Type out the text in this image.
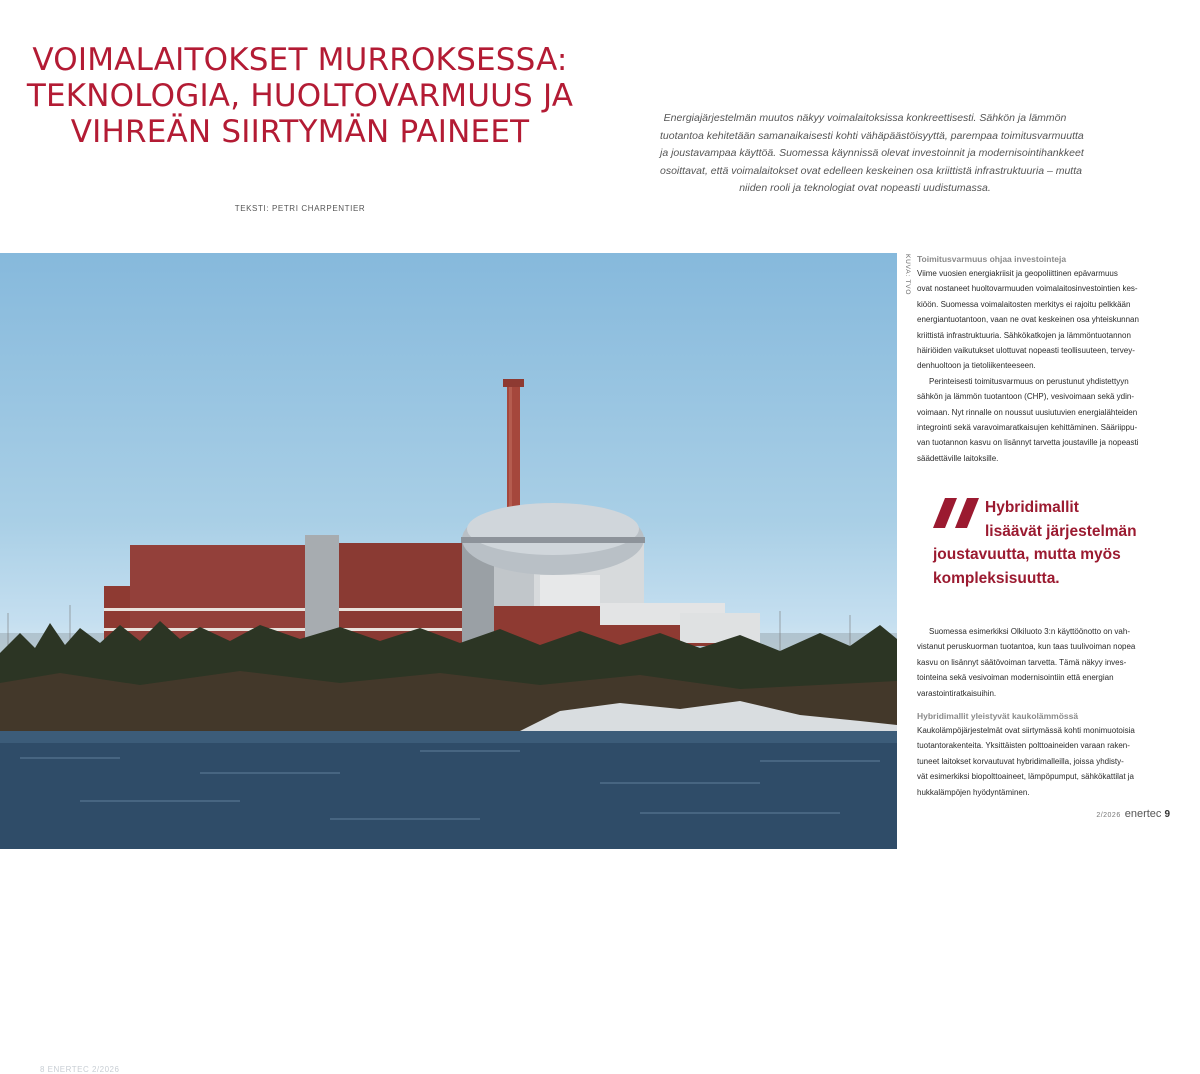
VOIMALAITOKSET MURROKSESSA:
TEKNOLOGIA, HUOLTOVARMUUS JA
VIHREÄN SIIRTYMÄN PAINEET
TEKSTI: PETRI CHARPENTIER
Energiajärjestelmän muutos näkyy voimalaitoksissa konkreettisesti. Sähkön ja lämmön
tuotantoa kehitetään samanaikaisesti kohti vähäpäästöisyyttä, parempaa toimitusvarmuutta
ja joustavampaa käyttöä. Suomessa käynnissä olevat investoinnit ja modernisointihankkeet
osoittavat, että voimalaitokset ovat edelleen keskeinen osa kriittistä infrastruktuuria – mutta
niiden rooli ja teknologiat ovat nopeasti uudistumassa.
8 ENERTEC 2/2026
KUVA: TVO Toimitusvarmuus ohjaa investointeja
Viime vuosien energiakriisit ja geopoliittinen epävarmuus
ovat nostaneet huoltovarmuuden voimalaitosinvestointien kes-
kiöön. Suomessa voimalaitosten merkitys ei rajoitu pelkkään
energiantuotantoon, vaan ne ovat keskeinen osa yhteiskunnan
kriittistä infrastruktuuria. Sähkökatkojen ja lämmöntuotannon
häiriöiden vaikutukset ulottuvat nopeasti teollisuuteen, tervey-
denhuoltoon ja tietoliikenteeseen.
Perinteisesti toimitusvarmuus on perustunut yhdistettyyn
sähkön ja lämmön tuotantoon (CHP), vesivoimaan sekä ydin-
voimaan. Nyt rinnalle on noussut uusiutuvien energialähteiden
integrointi sekä varavoimaratkaisujen kehittäminen. Sääriippu-
van tuotannon kasvu on lisännyt tarvetta joustaville ja nopeasti
säädettäville laitoksille.

Hybridimallit
lisäävät järjestelmän
joustavuutta, mutta myös
kompleksisuutta.

Suomessa esimerkiksi Olkiluoto 3:n käyttöönotto on vah-
vistanut peruskuorman tuotantoa, kun taas tuulivoiman nopea
kasvu on lisännyt säätövoiman tarvetta. Tämä näkyy inves-
tointeina sekä vesivoiman modernisointiin että energian
varastointiratkaisuihin.
Hybridimallit yleistyvät kaukolämmössä
Kaukolämpöjärjestelmät ovat siirtymässä kohti monimuotoisia
tuotantorakenteita. Yksittäisten polttoaineiden varaan raken-
tuneet laitokset korvautuvat hybridimalleilla, joissa yhdisty-
vät esimerkiksi biopolttoaineet, lämpöpumput, sähkökattilat ja
hukkalämpöjen hyödyntäminen.
2/2026 enertec 9
